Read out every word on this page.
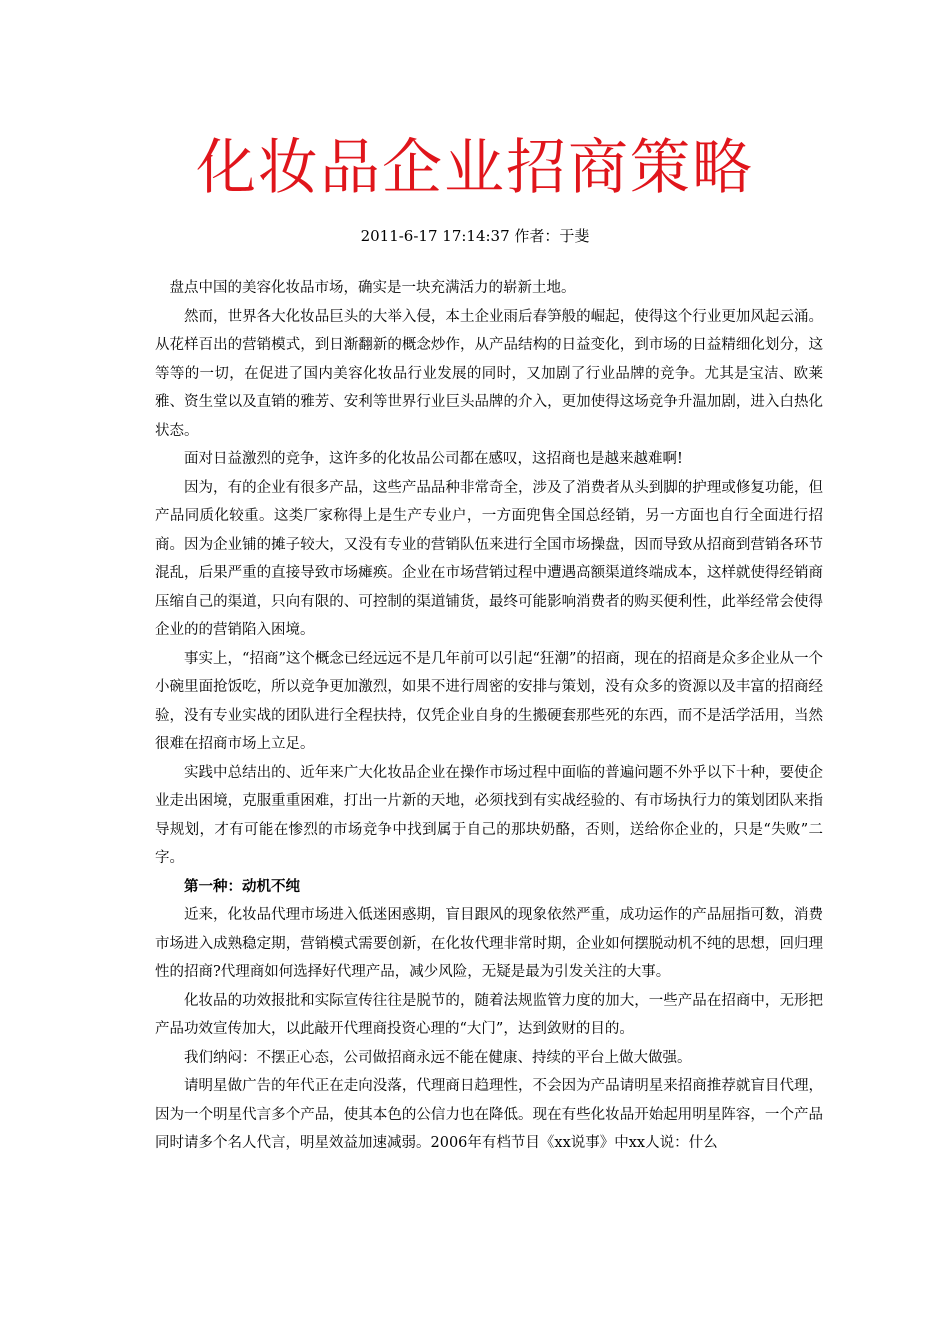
化妆品企业招商策略
2011-6-17 17:14:37 作者：于斐

盘点中国的美容化妆品市场，确实是一块充满活力的崭新土地。

然而，世界各大化妆品巨头的大举入侵，本土企业雨后春笋般的崛起，使得这个行业更加风起云涌。从花样百出的营销模式，到日渐翻新的概念炒作，从产品结构的日益变化，到市场的日益精细化划分，这等等的一切，在促进了国内美容化妆品行业发展的同时，又加剧了行业品牌的竞争。尤其是宝洁、欧莱雅、资生堂以及直销的雅芳、安利等世界行业巨头品牌的介入，更加使得这场竞争升温加剧，进入白热化状态。

面对日益激烈的竞争，这许多的化妆品公司都在感叹，这招商也是越来越难啊!

因为，有的企业有很多产品，这些产品品种非常奇全，涉及了消费者从头到脚的护理或修复功能，但产品同质化较重。这类厂家称得上是生产专业户，一方面兜售全国总经销，另一方面也自行全面进行招商。因为企业铺的摊子较大，又没有专业的营销队伍来进行全国市场操盘，因而导致从招商到营销各环节混乱，后果严重的直接导致市场瘫痪。企业在市场营销过程中遭遇高额渠道终端成本，这样就使得经销商压缩自己的渠道，只向有限的、可控制的渠道铺货，最终可能影响消费者的购买便利性，此举经常会使得企业的的营销陷入困境。

事实上，“招商”这个概念已经远远不是几年前可以引起“狂潮”的招商，现在的招商是众多企业从一个小碗里面抢饭吃，所以竞争更加激烈，如果不进行周密的安排与策划，没有众多的资源以及丰富的招商经验，没有专业实战的团队进行全程扶持，仅凭企业自身的生搬硬套那些死的东西，而不是活学活用，当然很难在招商市场上立足。

实践中总结出的、近年来广大化妆品企业在操作市场过程中面临的普遍问题不外乎以下十种，要使企业走出困境，克服重重困难，打出一片新的天地，必须找到有实战经验的、有市场执行力的策划团队来指导规划，才有可能在惨烈的市场竞争中找到属于自己的那块奶酪，否则，送给你企业的，只是“失败”二字。

第一种：动机不纯

近来，化妆品代理市场进入低迷困惑期，盲目跟风的现象依然严重，成功运作的产品屈指可数，消费市场进入成熟稳定期，营销模式需要创新，在化妆代理非常时期，企业如何摆脱动机不纯的思想，回归理性的招商?代理商如何选择好代理产品，减少风险，无疑是最为引发关注的大事。

化妆品的功效报批和实际宣传往往是脱节的，随着法规监管力度的加大，一些产品在招商中，无形把产品功效宣传加大，以此敲开代理商投资心理的“大门”，达到敛财的目的。

我们纳闷：不摆正心态，公司做招商永远不能在健康、持续的平台上做大做强。

请明星做广告的年代正在走向没落，代理商日趋理性，不会因为产品请明星来招商推荐就盲目代理，因为一个明星代言多个产品，使其本色的公信力也在降低。现在有些化妆品开始起用明星阵容，一个产品同时请多个名人代言，明星效益加速减弱。2006年有档节目《xx说事》中xx人说：什么
